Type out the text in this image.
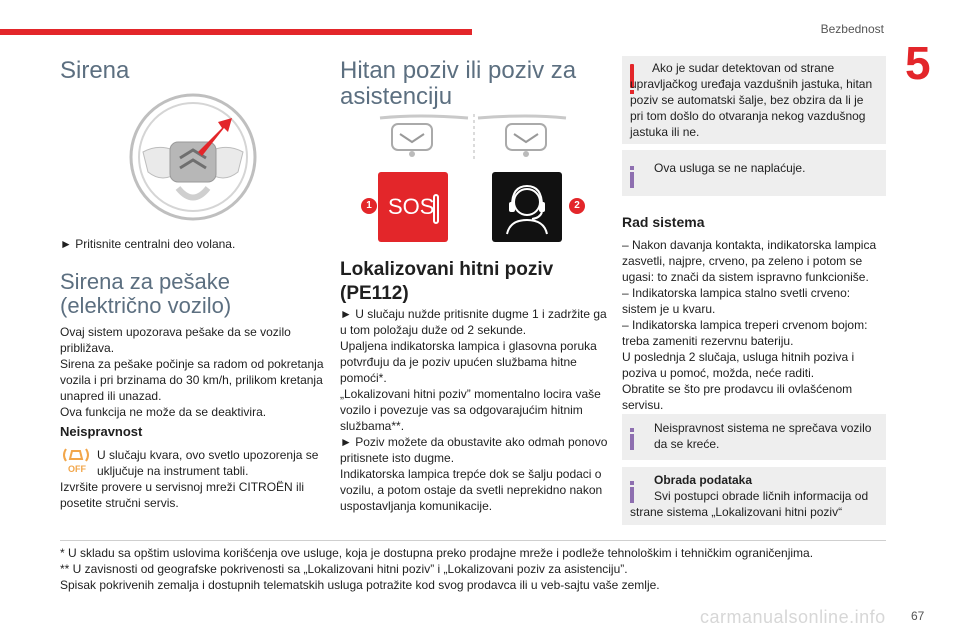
Bezbednost
5
Sirena

► Pritisnite centralni deo volana.

Sirena za pešake
(električno vozilo)

Ovaj sistem upozorava pešake da se vozilo približava.

Sirena za pešake počinje sa radom od pokretanja vozila i pri brzinama do 30 km/h, prilikom kretanja unapred ili unazad.

Ova funkcija ne može da se deaktivira.

Neispravnost
OFF

U slučaju kvara, ovo svetlo upozorenja se uključuje na instrument tabli.

Izvršite provere u servisnoj mreži CITROËN ili posetite stručni servis.

Hitan poziv ili poziv za
asistenciju
1 SOS	2
Lokalizovani hitni poziv
(PE112)

► U slučaju nužde pritisnite dugme 1 i zadržite ga u tom položaju duže od 2 sekunde.

Upaljena indikatorska lampica i glasovna poruka potvrđuju da je poziv upućen službama hitne pomoći*.

„Lokalizovani hitni poziv” momentalno locira vaše vozilo i povezuje vas sa odgovarajućim hitnim službama**.

► Poziv možete da obustavite ako odmah ponovo pritisnete isto dugme.

Indikatorska lampica trepće dok se šalju podaci o vozilu, a potom ostaje da svetli neprekidno nakon uspostavljanja komunikacije.

Ako je sudar detektovan od strane upravljačkog uređaja vazdušnih jastuka, hitan poziv se automatski šalje, bez obzira da li je pri tom došlo do otvaranja nekog vazdušnog jastuka ili ne.

Ova usluga se ne naplaćuje.

Rad sistema

– Nakon davanja kontakta, indikatorska lampica zasvetli, najpre, crveno, pa zeleno i potom se ugasi: to znači da sistem ispravno funkcioniše.

– Indikatorska lampica stalno svetli crveno: sistem je u kvaru.

– Indikatorska lampica treperi crvenom bojom: treba zameniti rezervnu bateriju.

U poslednja 2 slučaja, usluga hitnih poziva i poziva u pomoć, možda, neće raditi.

Obratite se što pre prodavcu ili ovlašćenom servisu.

Neispravnost sistema ne sprečava vozilo da se kreće.

Obrada podataka

Svi postupci obrade ličnih informacija od strane sistema „Lokalizovani hitni poziv“

* U skladu sa opštim uslovima korišćenja ove usluge, koja je dostupna preko prodajne mreže i podleže tehnološkim i tehničkim ograničenjima.
** U zavisnosti od geografske pokrivenosti sa „Lokalizovani hitni poziv” i „Lokalizovani poziv za asistenciju”.
Spisak pokrivenih zemalja i dostupnih telematskih usluga potražite kod svog prodavca ili u veb-sajtu vaše zemlje.
carmanualsonline.info 67
